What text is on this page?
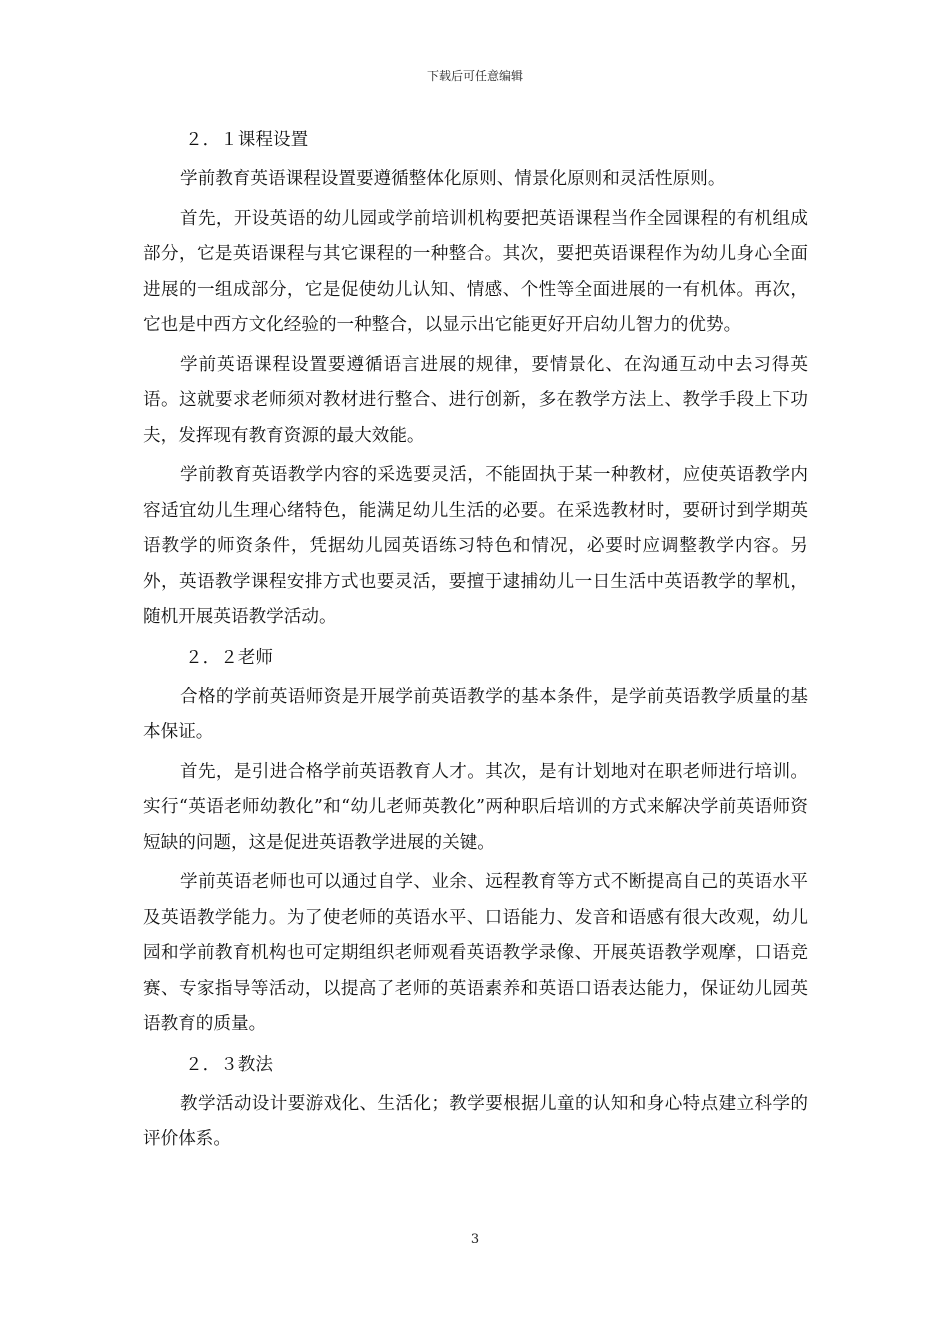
下载后可任意编辑
２．１课程设置

学前教育英语课程设置要遵循整体化原则、情景化原则和灵活性原则。

首先，开设英语的幼儿园或学前培训机构要把英语课程当作全园课程的有机组成部分，它是英语课程与其它课程的一种整合。其次，要把英语课程作为幼儿身心全面进展的一组成部分，它是促使幼儿认知、情感、个性等全面进展的一有机体。再次，它也是中西方文化经验的一种整合，以显示出它能更好开启幼儿智力的优势。

学前英语课程设置要遵循语言进展的规律，要情景化、在沟通互动中去习得英语。这就要求老师须对教材进行整合、进行创新，多在教学方法上、教学手段上下功夫，发挥现有教育资源的最大效能。

学前教育英语教学内容的采选要灵活，不能固执于某一种教材，应使英语教学内容适宜幼儿生理心绪特色，能满足幼儿生活的必要。在采选教材时，要研讨到学期英语教学的师资条件，凭据幼儿园英语练习特色和情况，必要时应调整教学内容。另外，英语教学课程安排方式也要灵活，要擅于逮捕幼儿一日生活中英语教学的挈机，随机开展英语教学活动。

２．２老师

合格的学前英语师资是开展学前英语教学的基本条件，是学前英语教学质量的基本保证。

首先，是引进合格学前英语教育人才。其次，是有计划地对在职老师进行培训。实行“英语老师幼教化”和“幼儿老师英教化”两种职后培训的方式来解决学前英语师资短缺的问题，这是促进英语教学进展的关键。

学前英语老师也可以通过自学、业余、远程教育等方式不断提高自己的英语水平及英语教学能力。为了使老师的英语水平、口语能力、发音和语感有很大改观，幼儿园和学前教育机构也可定期组织老师观看英语教学录像、开展英语教学观摩，口语竞赛、专家指导等活动，以提高了老师的英语素养和英语口语表达能力，保证幼儿园英语教育的质量。

２．３教法

教学活动设计要游戏化、生活化；教学要根据儿童的认知和身心特点建立科学的评价体系。

3
